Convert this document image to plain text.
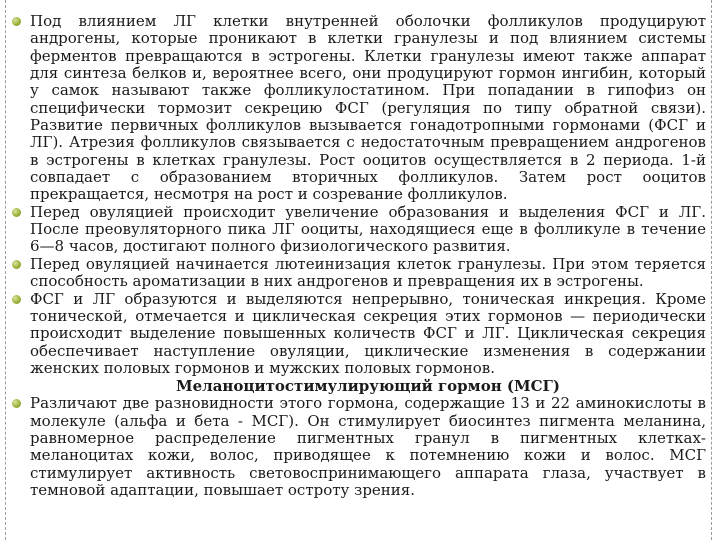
Под влиянием ЛГ клетки внутренней оболочки фолликулов продуцируют андрогены, которые проникают в клетки гранулезы и под влиянием системы ферментов превращаются в эстрогены. Клетки гранулезы имеют также аппарат для синтеза белков и, вероятнее всего, они продуцируют гормон ингибин, который у самок называют также фолликулостатином. При попадании в гипофиз он специфически тормозит секрецию ФСГ (регуляция по типу обратной связи). Развитие первичных фолликулов вызывается гонадотропными гормонами (ФСГ и ЛГ). Атрезия фолликулов связывается с недостаточным превращением андрогенов в эстрогены в клетках гранулезы. Рост ооцитов осуществляется в 2 периода. 1-й совпадает с образованием вторичных фолликулов. Затем рост ооцитов прекращается, несмотря на рост и созревание фолликулов.
Перед овуляцией происходит увеличение образования и выделения ФСГ и ЛГ. После преовуляторного пика ЛГ ооциты, находящиеся еще в фолликуле в течение 6—8 часов, достигают полного физиологического развития.
Перед овуляцией начинается лютеинизация клеток гранулезы. При этом теряется способность ароматизации в них андрогенов и превращения их в эстрогены.
ФСГ и ЛГ образуются и выделяются непрерывно, тоническая инкреция. Кроме тонической, отмечается и циклическая секреция этих гормонов — периодически происходит выделение повышенных количеств ФСГ и ЛГ. Циклическая секреция обеспечивает наступление овуляции, циклические изменения в содержании женских половых гормонов и мужских половых гормонов.
Меланоцитостимулирующий гормон (МСГ)
Различают две разновидности этого гормона, содержащие 13 и 22 аминокислоты в молекуле (альфа и бета - МСГ). Он стимулирует биосинтез пигмента меланина, равномерное распределение пигментных гранул в пигментных клетках-меланоцитах кожи, волос, приводящее к потемнению кожи и волос. МСГ стимулирует активность световоспринимающего аппарата глаза, участвует в темновой адаптации, повышает остроту зрения.
